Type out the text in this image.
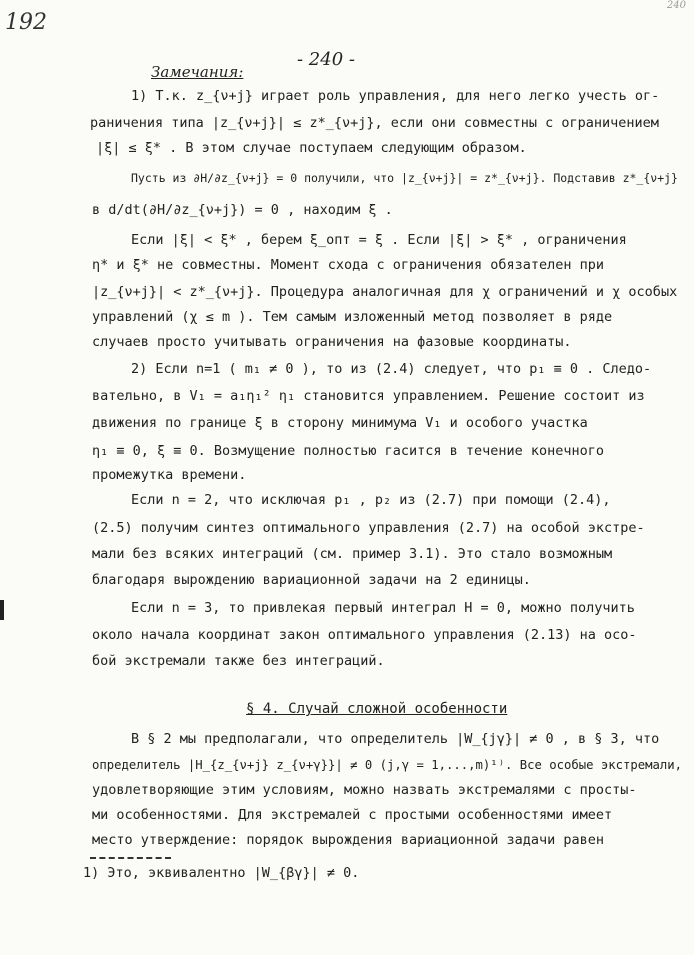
192
240
- 240 -
Замечания:
1) Т.к. z_{ν+j} играет роль управления, для него легко учесть ог-
раничения типа |z_{ν+j}| ≤ z*_{ν+j}, если они совместны с ограничением
|ξ| ≤ ξ* . В этом случае поступаем следующим образом.
Пусть из ∂H/∂z_{ν+j} = 0 получили, что |z_{ν+j}| = z*_{ν+j}. Подставив z*_{ν+j}
в d/dt(∂H/∂z_{ν+j}) = 0 , находим ξ .
Если |ξ| < ξ* , берем ξ_опт = ξ . Если |ξ| > ξ* , ограничения
η* и ξ* не совместны. Момент схода с ограничения обязателен при
|z_{ν+j}| < z*_{ν+j}. Процедура аналогичная для χ ограничений и χ особых
управлений (χ ≤ m ). Тем самым изложенный метод позволяет в ряде
случаев просто учитывать ограничения на фазовые координаты.
2) Если n=1 ( m₁ ≠ 0 ), то из (2.4) следует, что p₁ ≡ 0 . Следо-
вательно, в V₁ = a₁η₁² η₁ становится управлением. Решение состоит из
движения по границе ξ в сторону минимума V₁ и особого участка
η₁ ≡ 0, ξ ≡ 0. Возмущение полностью гасится в течение конечного
промежутка времени.
Если n = 2, что исключая p₁ , p₂ из (2.7) при помощи (2.4),
(2.5) получим синтез оптимального управления (2.7) на особой экстре-
мали без всяких интеграций (см. пример 3.1). Это стало возможным
благодаря вырождению вариационной задачи на 2 единицы.
Если n = 3, то привлекая первый интеграл H = 0, можно получить
около начала координат закон оптимального управления (2.13) на осо-
бой экстремали также без интеграций.
§ 4. Случай сложной особенности
В § 2 мы предполагали, что определитель |W_{jγ}| ≠ 0 , в § 3, что
определитель |H_{z_{ν+j} z_{ν+γ}}| ≠ 0 (j,γ = 1,...,m)¹⁾. Все особые экстремали,
удовлетворяющие этим условиям, можно назвать экстремалями с просты-
ми особенностями. Для экстремалей с простыми особенностями имеет
место утверждение: порядок вырождения вариационной задачи равен
1) Это, эквивалентно |W_{βγ}| ≠ 0.
